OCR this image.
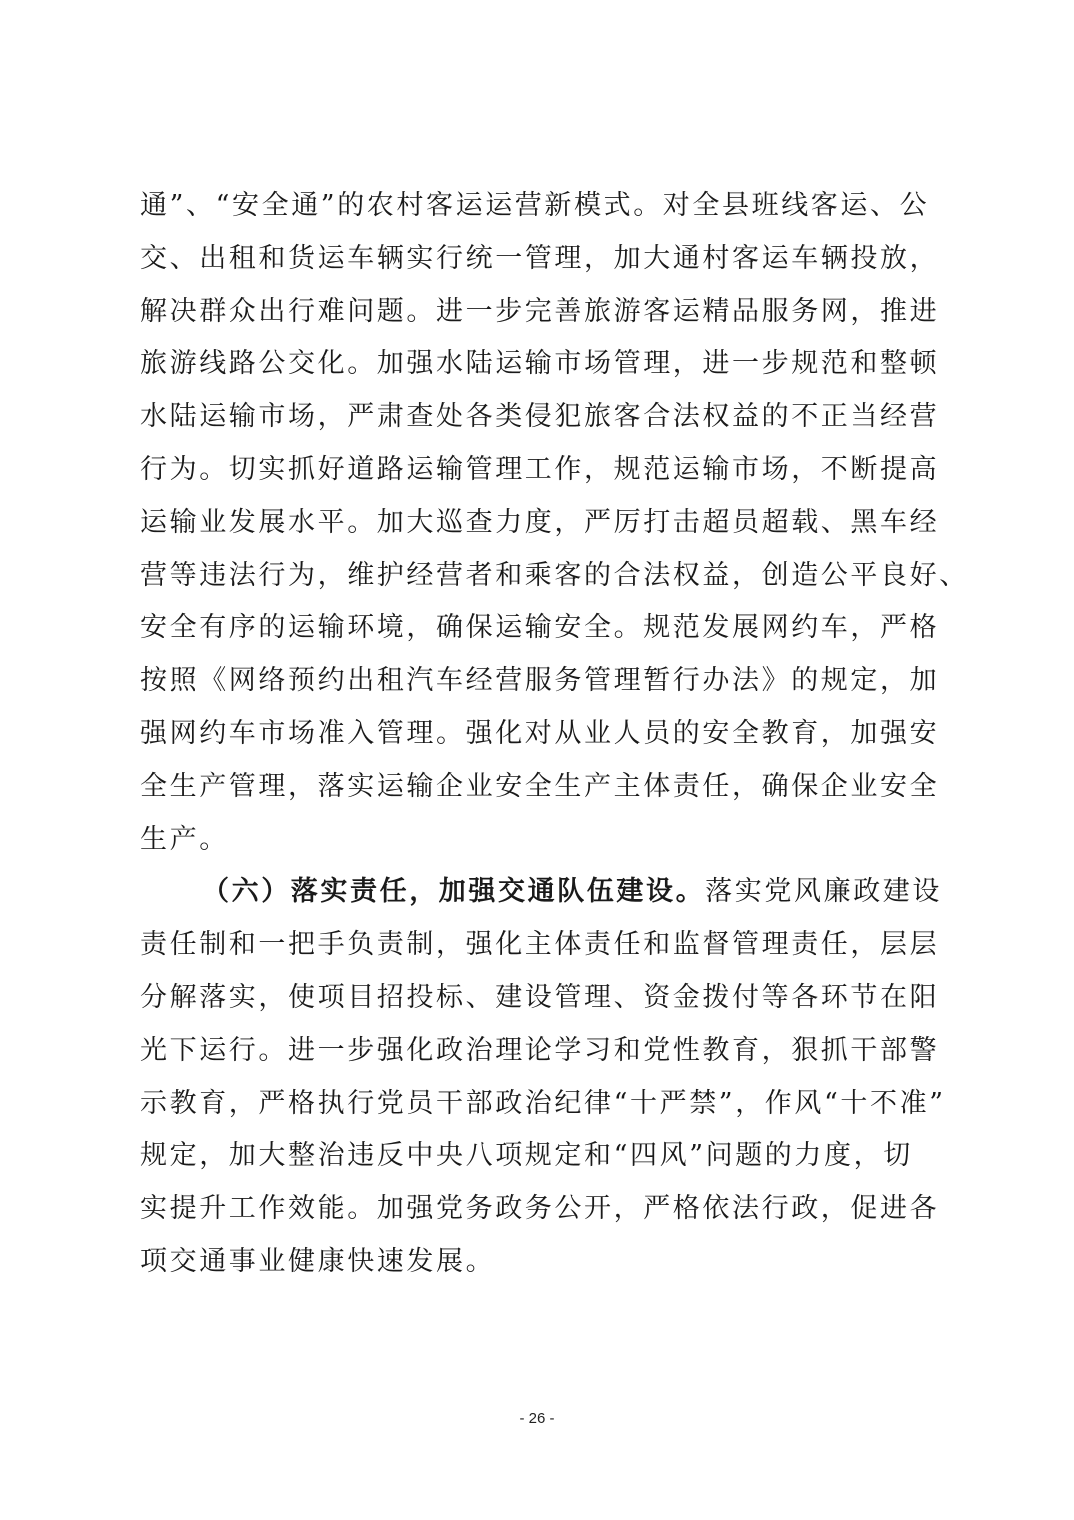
通”、“安全通”的农村客运运营新模式。对全县班线客运、公
交、出租和货运车辆实行统一管理，加大通村客运车辆投放，
解决群众出行难问题。进一步完善旅游客运精品服务网，推进
旅游线路公交化。加强水陆运输市场管理，进一步规范和整顿
水陆运输市场，严肃查处各类侵犯旅客合法权益的不正当经营
行为。切实抓好道路运输管理工作，规范运输市场，不断提高
运输业发展水平。加大巡查力度，严厉打击超员超载、黑车经
营等违法行为，维护经营者和乘客的合法权益，创造公平良好、
安全有序的运输环境，确保运输安全。规范发展网约车，严格
按照《网络预约出租汽车经营服务管理暂行办法》的规定，加
强网约车市场准入管理。强化对从业人员的安全教育，加强安
全生产管理，落实运输企业安全生产主体责任，确保企业安全
生产。
（六）落实责任，加强交通队伍建设。落实党风廉政建设
责任制和一把手负责制，强化主体责任和监督管理责任，层层
分解落实，使项目招投标、建设管理、资金拨付等各环节在阳
光下运行。进一步强化政治理论学习和党性教育，狠抓干部警
示教育，严格执行党员干部政治纪律“十严禁”，作风“十不准”
规定，加大整治违反中央八项规定和“四风”问题的力度，切
实提升工作效能。加强党务政务公开，严格依法行政，促进各
项交通事业健康快速发展。
- 26 -
